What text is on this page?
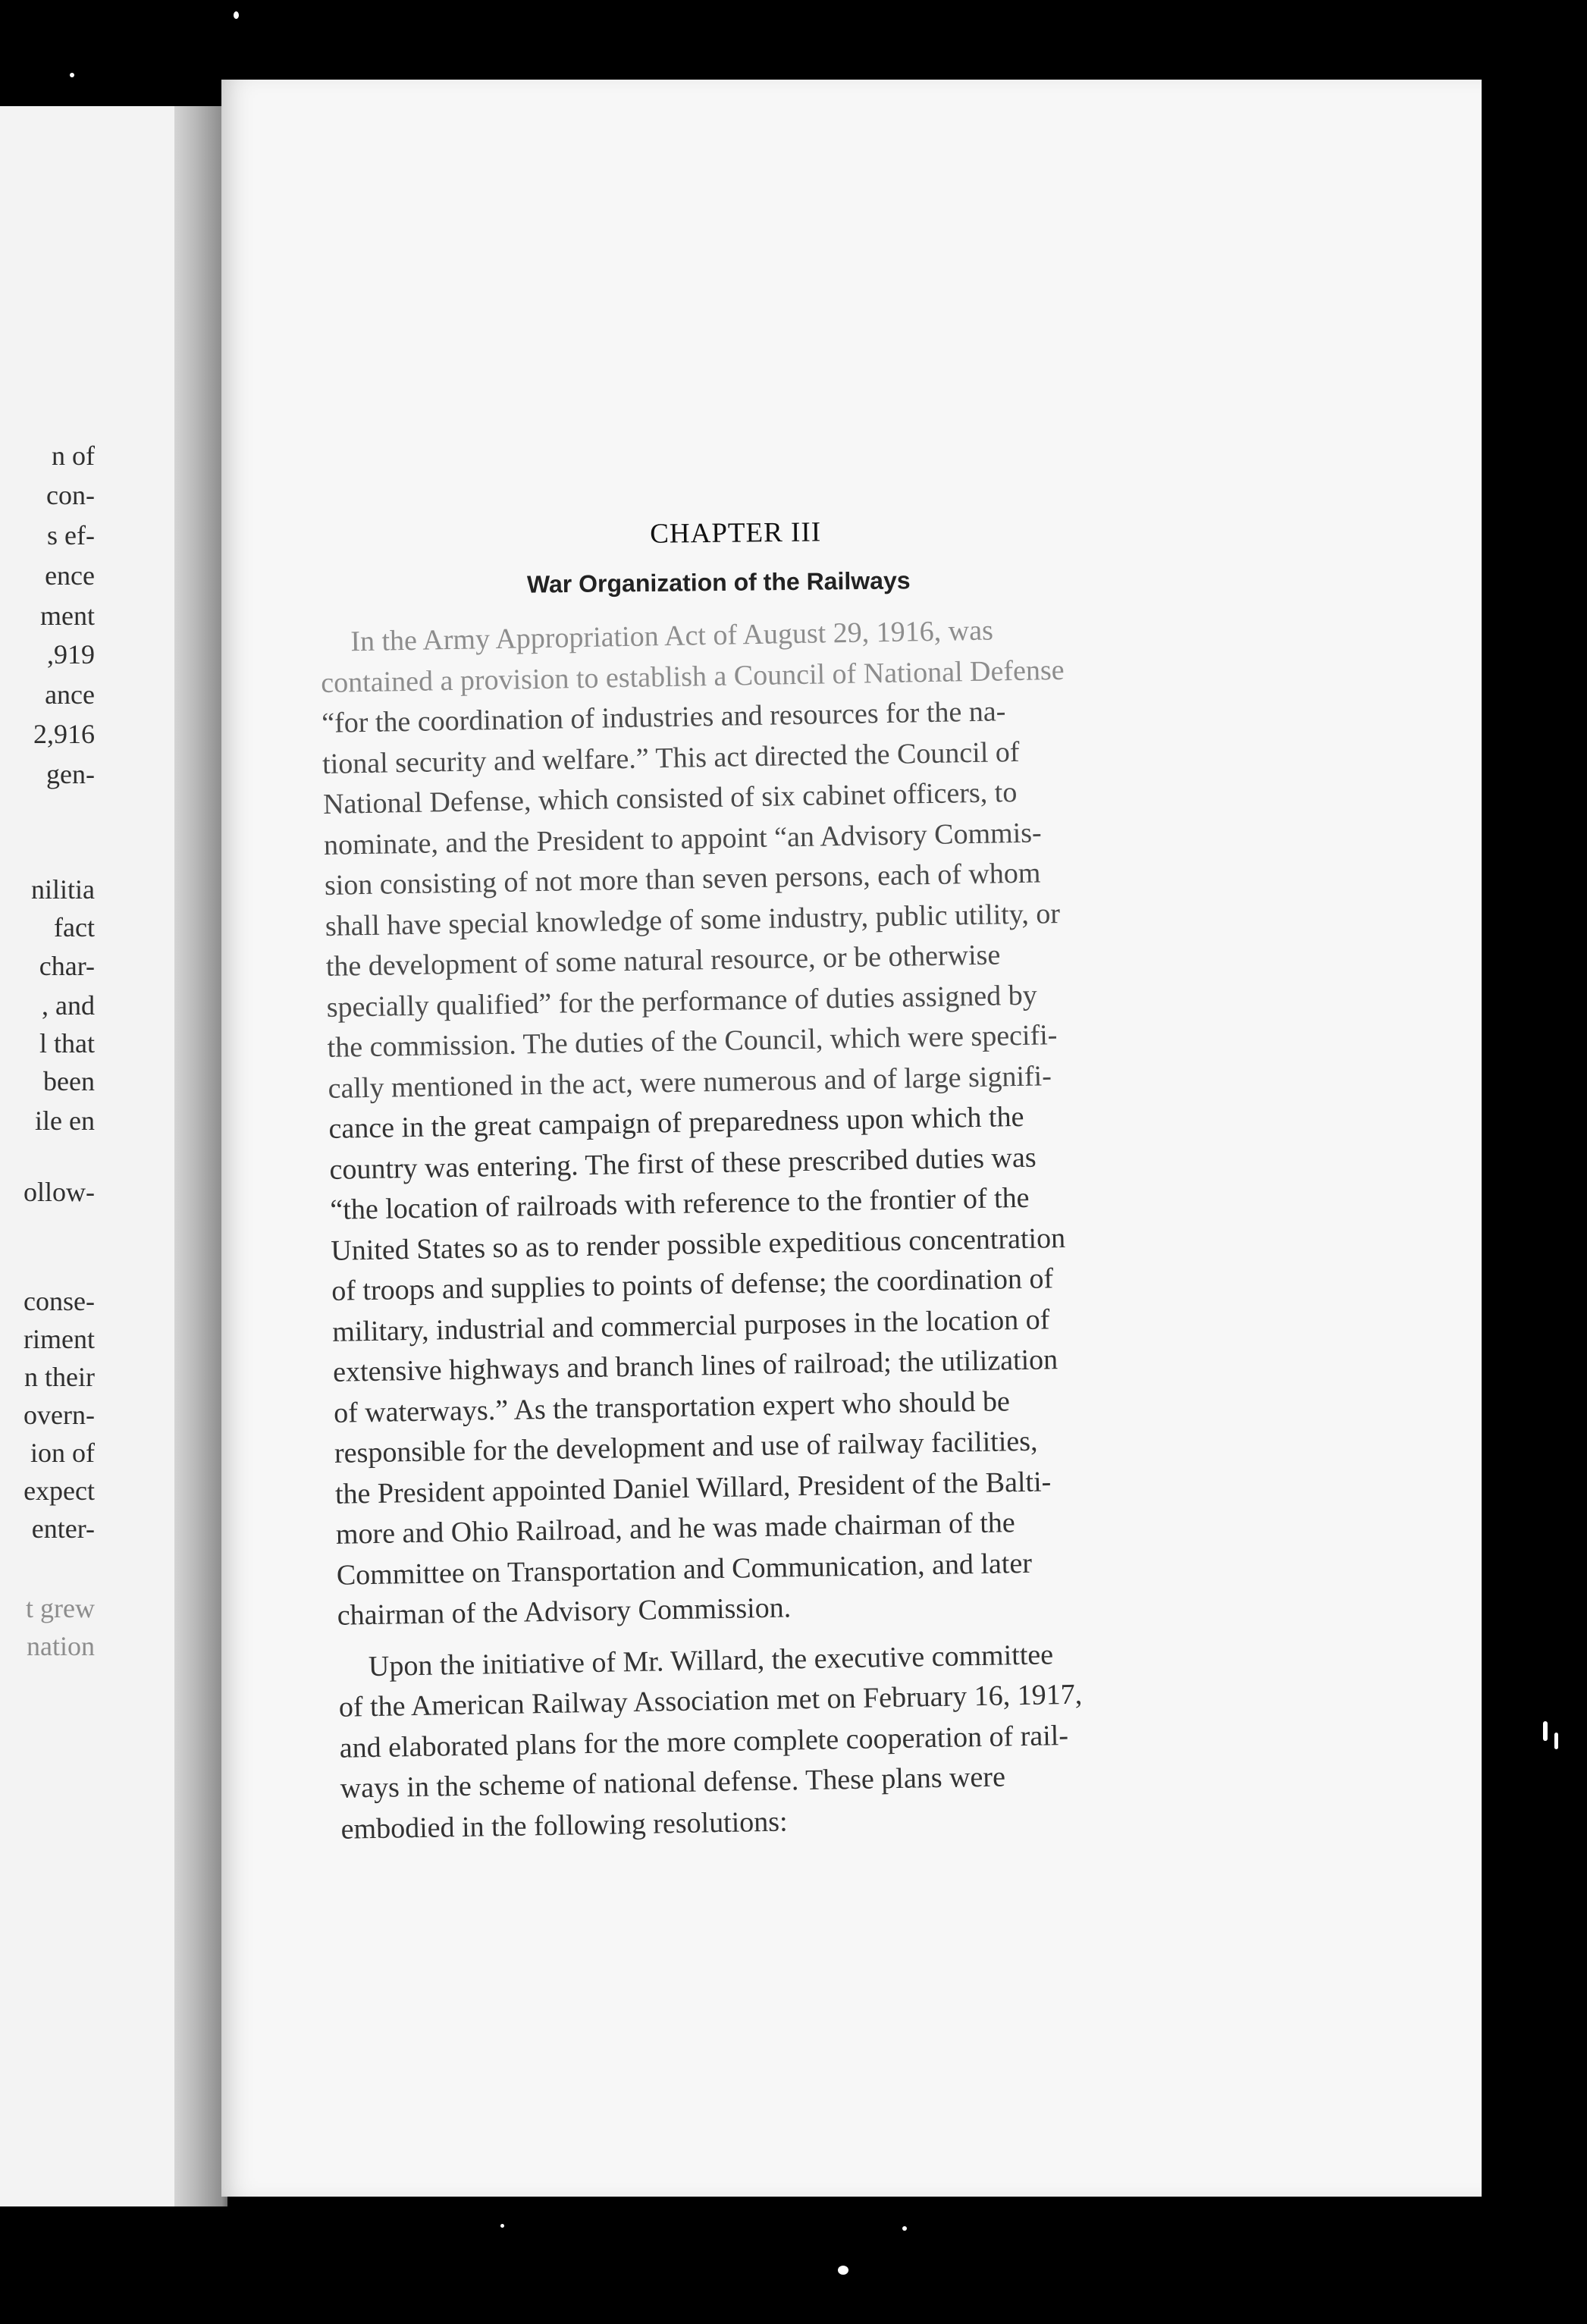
n of
con-
s ef-
ence
ment
,919
ance
2,916
gen-
nilitia
fact
char-
, and
l that
been
ile en
ollow-
conse-
riment
n their
overn-
ion of
expect
enter-
t grew
nation
CHAPTER III
War Organization of the Railways
In the Army Appropriation Act of August 29, 1916, was
contained a provision to establish a Council of National Defense
“for the coordination of industries and resources for the na-
tional security and welfare.” This act directed the Council of
National Defense, which consisted of six cabinet officers, to
nominate, and the President to appoint “an Advisory Commis-
sion consisting of not more than seven persons, each of whom
shall have special knowledge of some industry, public utility, or
the development of some natural resource, or be otherwise
specially qualified” for the performance of duties assigned by
the commission. The duties of the Council, which were specifi-
cally mentioned in the act, were numerous and of large signifi-
cance in the great campaign of preparedness upon which the
country was entering. The first of these prescribed duties was
“the location of railroads with reference to the frontier of the
United States so as to render possible expeditious concentration
of troops and supplies to points of defense; the coordination of
military, industrial and commercial purposes in the location of
extensive highways and branch lines of railroad; the utilization
of waterways.” As the transportation expert who should be
responsible for the development and use of railway facilities,
the President appointed Daniel Willard, President of the Balti-
more and Ohio Railroad, and he was made chairman of the
Committee on Transportation and Communication, and later
chairman of the Advisory Commission.
Upon the initiative of Mr. Willard, the executive committee
of the American Railway Association met on February 16, 1917,
and elaborated plans for the more complete cooperation of rail-
ways in the scheme of national defense. These plans were
embodied in the following resolutions:
